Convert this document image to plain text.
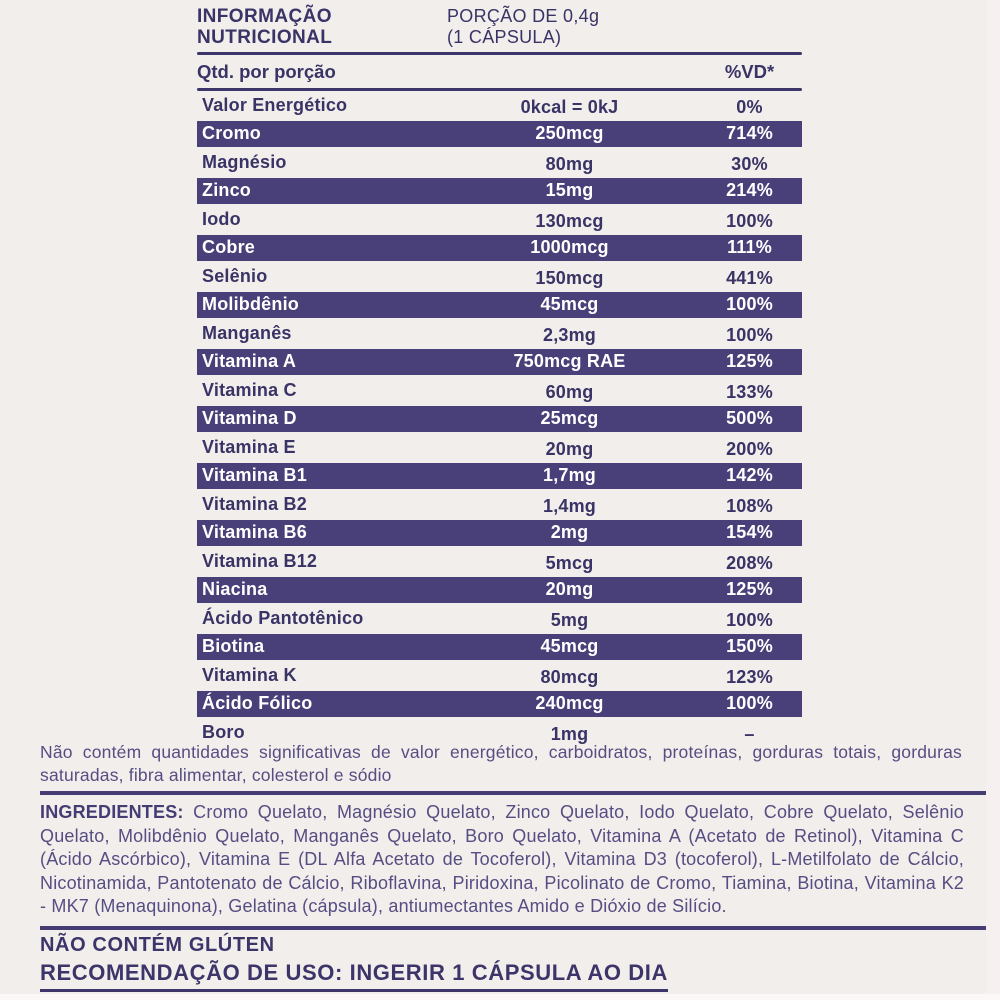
INFORMAÇÃO
NUTRICIONAL
PORÇÃO DE 0,4g
(1 CÁPSULA)
Qtd. por porção	%VD*
Valor Energético	0kcal = 0kJ	0%
Cromo	250mcg	714%
Magnésio	80mg	30%
Zinco	15mg	214%
Iodo	130mcg	100%
Cobre	1000mcg	111%
Selênio	150mcg	441%
Molibdênio	45mcg	100%
Manganês	2,3mg	100%
Vitamina A	750mcg RAE	125%
Vitamina C	60mg	133%
Vitamina D	25mcg	500%
Vitamina E	20mg	200%
Vitamina B1	1,7mg	142%
Vitamina B2	1,4mg	108%
Vitamina B6	2mg	154%
Vitamina B12	5mcg	208%
Niacina	20mg	125%
Ácido Pantotênico	5mg	100%
Biotina	45mcg	150%
Vitamina K	80mcg	123%
Ácido Fólico	240mcg	100%
Boro	1mg	–
Não contém quantidades significativas de valor energético, carboidratos, proteínas, gorduras totais, gorduras saturadas, fibra alimentar, colesterol e sódio
INGREDIENTES: Cromo Quelato, Magnésio Quelato, Zinco Quelato, Iodo Quelato, Cobre Quelato, Selênio Quelato, Molibdênio Quelato, Manganês Quelato, Boro Quelato, Vitamina A (Acetato de Retinol), Vitamina C (Ácido Ascórbico), Vitamina E (DL Alfa Acetato de Tocoferol), Vitamina D3 (tocoferol), L-Metilfolato de Cálcio, Nicotinamida, Pantotenato de Cálcio, Riboflavina, Piridoxina, Picolinato de Cromo, Tiamina, Biotina, Vitamina K2 - MK7 (Menaquinona), Gelatina (cápsula), antiumectantes Amido e Dióxio de Silício.
NÃO CONTÉM GLÚTEN
RECOMENDAÇÃO DE USO: INGERIR 1 CÁPSULA AO DIA
